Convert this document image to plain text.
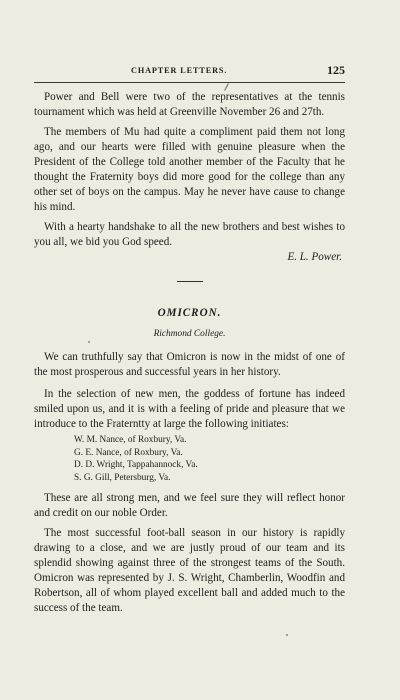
CHAPTER LETTERS.	125

Power and Bell were two of the representatives at the tennis tournament which was held at Greenville November 26 and 27th.

The members of Mu had quite a compliment paid them not long ago, and our hearts were filled with genuine pleasure when the President of the College told another member of the Faculty that he thought the Fraternity boys did more good for the college than any other set of boys on the campus. May he never have cause to change his mind.

With a hearty handshake to all the new brothers and best wishes to you all, we bid you God speed.

E. L. Power.

OMICRON.

Richmond College.

We can truthfully say that Omicron is now in the midst of one of the most prosperous and successful years in her history.

In the selection of new men, the goddess of fortune has indeed smiled upon us, and it is with a feeling of pride and pleasure that we introduce to the Fraterntty at large the following initiates:

W. M. Nance, of Roxbury, Va.
G. E. Nance, of Roxbury, Va.
D. D. Wright, Tappahannock, Va.
S. G. Gill, Petersburg, Va.

These are all strong men, and we feel sure they will reflect honor and credit on our noble Order.

The most successful foot-ball season in our history is rapidly drawing to a close, and we are justly proud of our team and its splendid showing against three of the strongest teams of the South. Omicron was represented by J. S. Wright, Chamberlin, Woodfin and Robertson, all of whom played excellent ball and added much to the success of the team.
